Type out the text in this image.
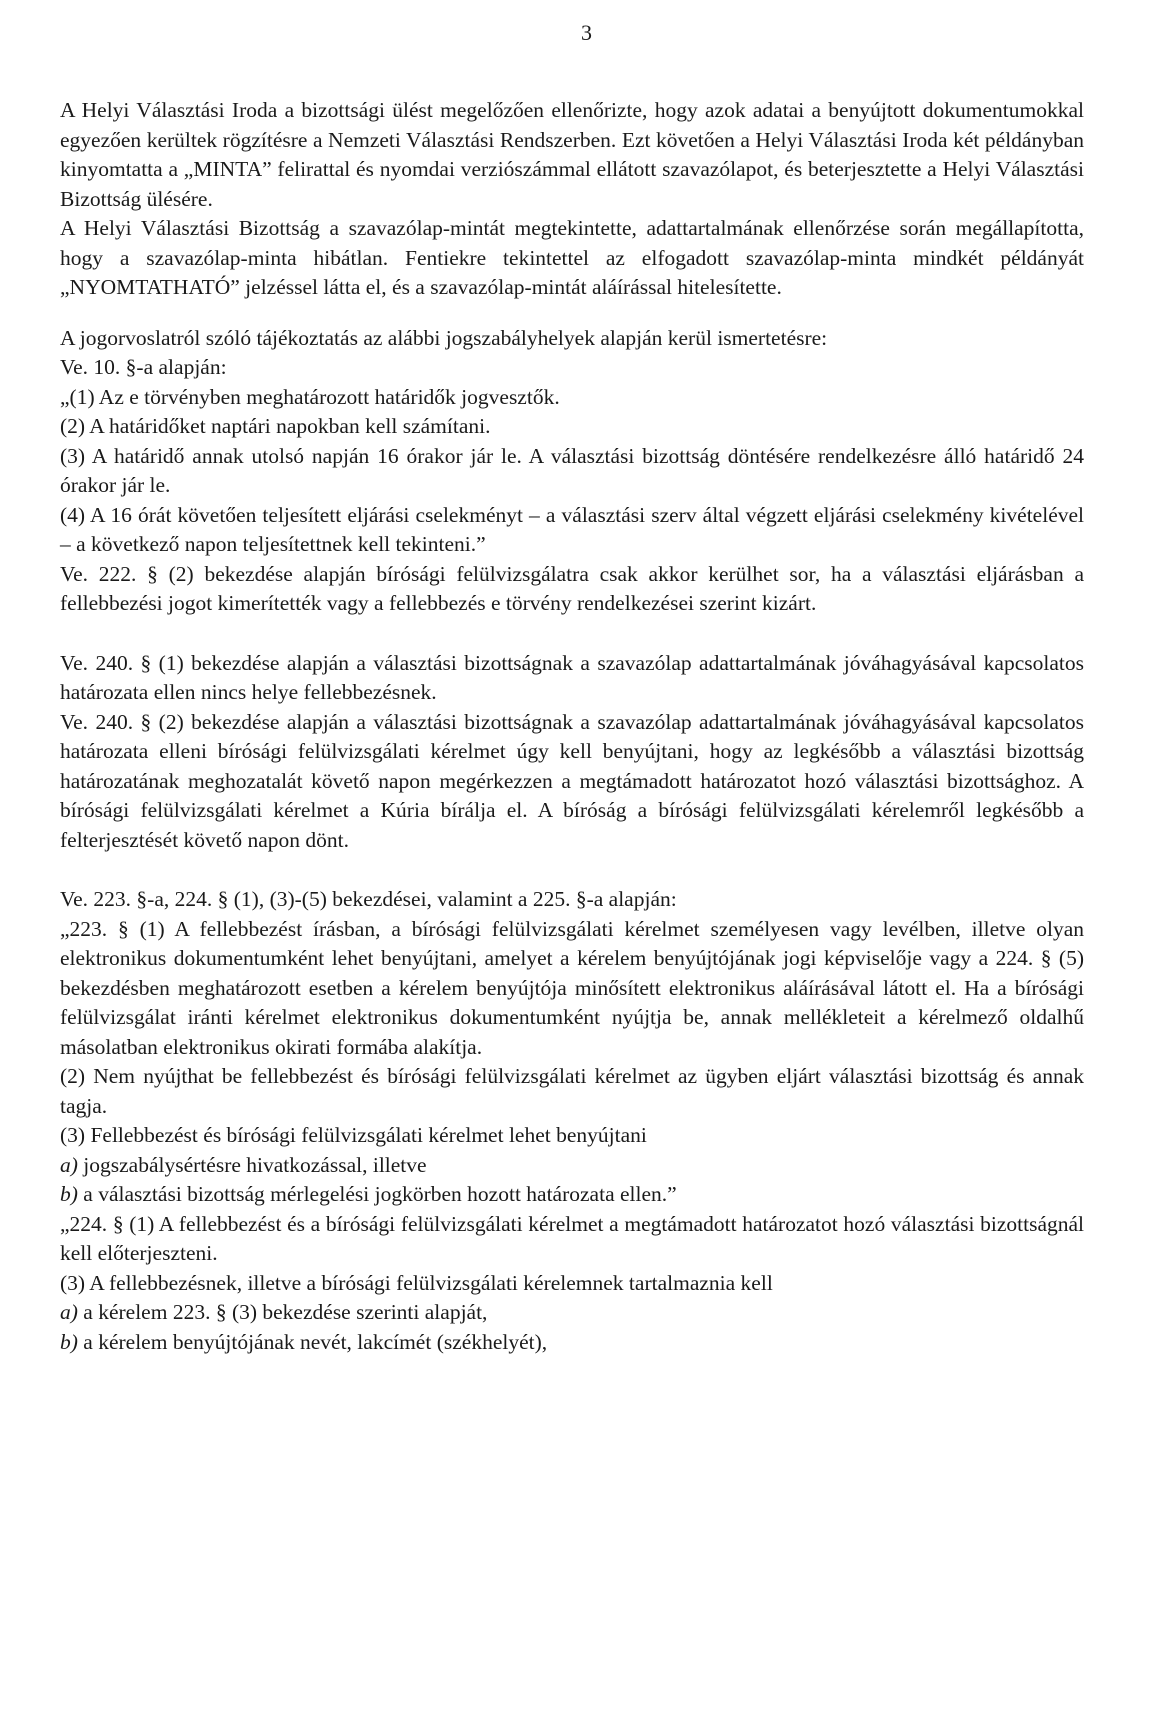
3

A Helyi Választási Iroda a bizottsági ülést megelőzően ellenőrizte, hogy azok adatai a benyújtott dokumentumokkal egyezően kerültek rögzítésre a Nemzeti Választási Rendszerben. Ezt követően a Helyi Választási Iroda két példányban kinyomtatta a „MINTA” felirattal és nyomdai verziószámmal ellátott szavazólapot, és beterjesztette a Helyi Választási Bizottság ülésére.

A Helyi Választási Bizottság a szavazólap-mintát megtekintette, adattartalmának ellenőrzése során megállapította, hogy a szavazólap-minta hibátlan. Fentiekre tekintettel az elfogadott szavazólap-minta mindkét példányát „NYOMTATHATÓ” jelzéssel látta el, és a szavazólap-mintát aláírással hitelesítette.

A jogorvoslatról szóló tájékoztatás az alábbi jogszabályhelyek alapján kerül ismertetésre:

Ve. 10. §-a alapján:

„(1) Az e törvényben meghatározott határidők jogvesztők.

(2) A határidőket naptári napokban kell számítani.

(3) A határidő annak utolsó napján 16 órakor jár le. A választási bizottság döntésére rendelkezésre álló határidő 24 órakor jár le.

(4) A 16 órát követően teljesített eljárási cselekményt – a választási szerv által végzett eljárási cselekmény kivételével – a következő napon teljesítettnek kell tekinteni.”

Ve. 222. § (2) bekezdése alapján bírósági felülvizsgálatra csak akkor kerülhet sor, ha a választási eljárásban a fellebbezési jogot kimerítették vagy a fellebbezés e törvény rendelkezései szerint kizárt.

Ve. 240. § (1) bekezdése alapján a választási bizottságnak a szavazólap adattartalmának jóváhagyásával kapcsolatos határozata ellen nincs helye fellebbezésnek.

Ve. 240. § (2) bekezdése alapján a választási bizottságnak a szavazólap adattartalmának jóváhagyásával kapcsolatos határozata elleni bírósági felülvizsgálati kérelmet úgy kell benyújtani, hogy az legkésőbb a választási bizottság határozatának meghozatalát követő napon megérkezzen a megtámadott határozatot hozó választási bizottsághoz. A bírósági felülvizsgálati kérelmet a Kúria bírálja el. A bíróság a bírósági felülvizsgálati kérelemről legkésőbb a felterjesztését követő napon dönt.

Ve. 223. §-a, 224. § (1), (3)-(5) bekezdései, valamint a 225. §-a alapján:

„223. § (1) A fellebbezést írásban, a bírósági felülvizsgálati kérelmet személyesen vagy levélben, illetve olyan elektronikus dokumentumként lehet benyújtani, amelyet a kérelem benyújtójának jogi képviselője vagy a 224. § (5) bekezdésben meghatározott esetben a kérelem benyújtója minősített elektronikus aláírásával látott el. Ha a bírósági felülvizsgálat iránti kérelmet elektronikus dokumentumként nyújtja be, annak mellékleteit a kérelmező oldalhű másolatban elektronikus okirati formába alakítja.

(2) Nem nyújthat be fellebbezést és bírósági felülvizsgálati kérelmet az ügyben eljárt választási bizottság és annak tagja.

(3) Fellebbezést és bírósági felülvizsgálati kérelmet lehet benyújtani

a) jogszabálysértésre hivatkozással, illetve

b) a választási bizottság mérlegelési jogkörben hozott határozata ellen.”

„224. § (1) A fellebbezést és a bírósági felülvizsgálati kérelmet a megtámadott határozatot hozó választási bizottságnál kell előterjeszteni.

(3) A fellebbezésnek, illetve a bírósági felülvizsgálati kérelemnek tartalmaznia kell

a) a kérelem 223. § (3) bekezdése szerinti alapját,

b) a kérelem benyújtójának nevét, lakcímét (székhelyét),
